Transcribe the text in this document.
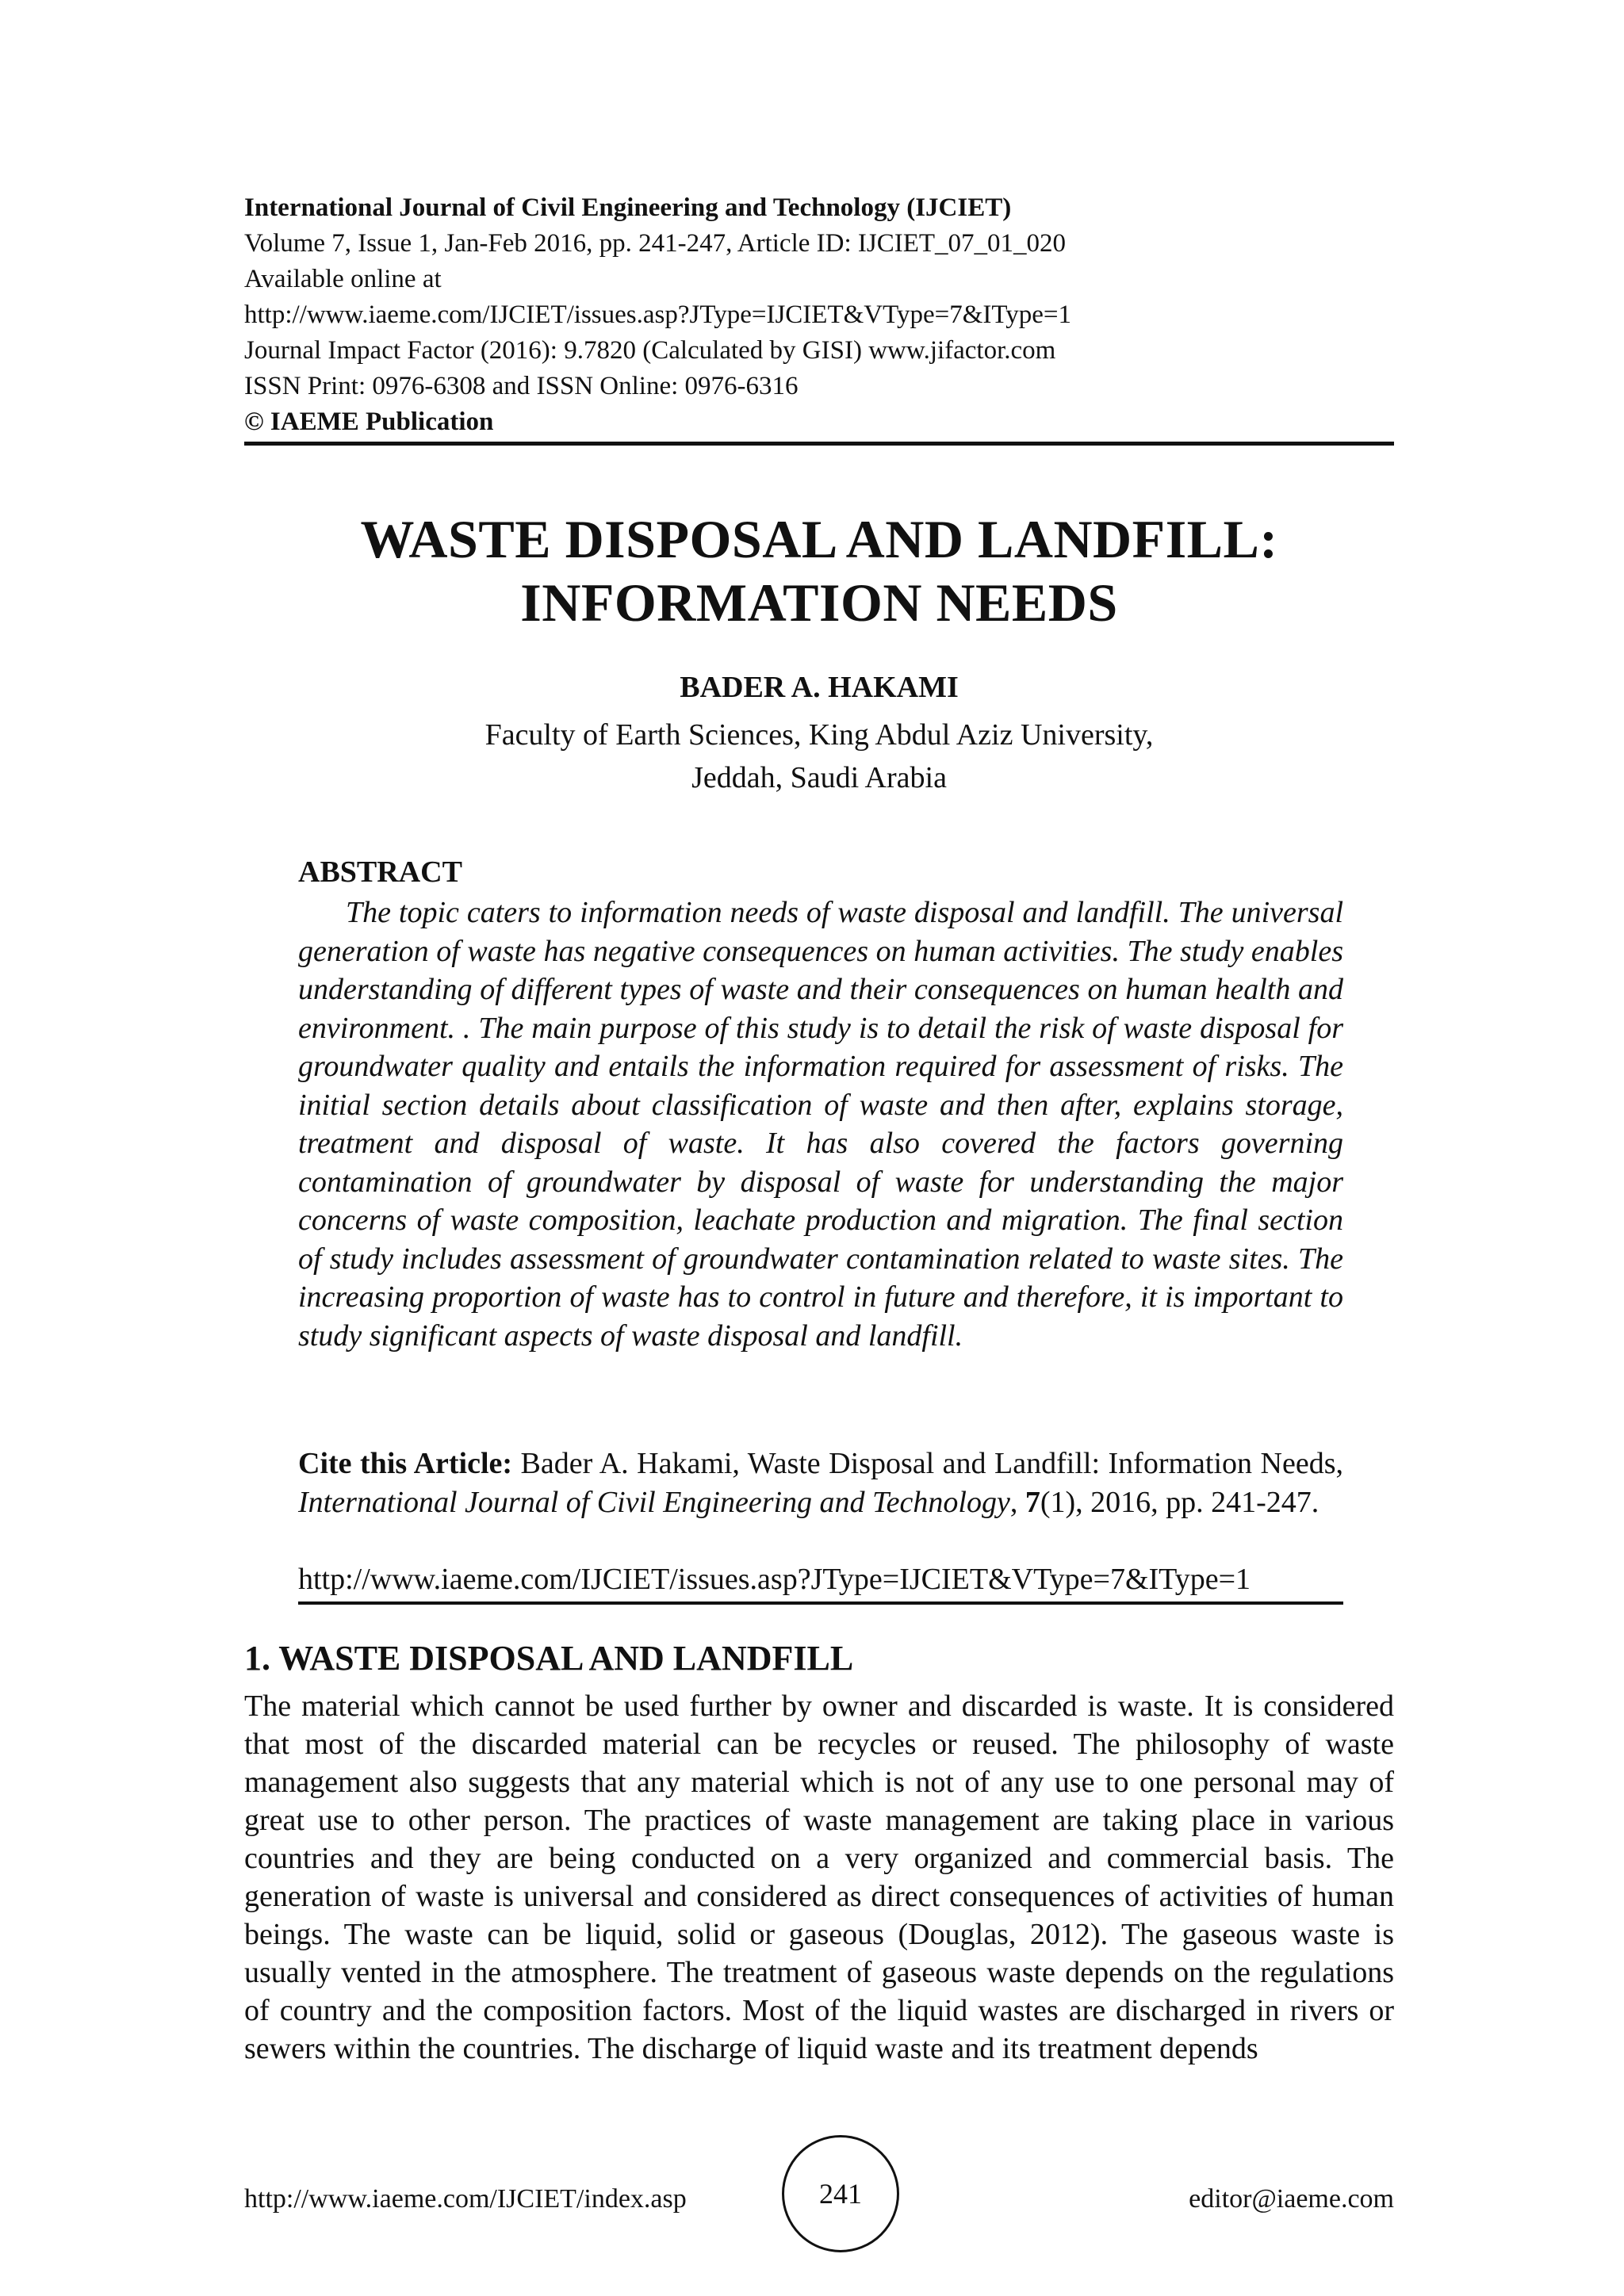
International Journal of Civil Engineering and Technology (IJCIET)
Volume 7, Issue 1, Jan-Feb 2016, pp. 241-247, Article ID: IJCIET_07_01_020
Available online at
http://www.iaeme.com/IJCIET/issues.asp?JType=IJCIET&VType=7&IType=1
Journal Impact Factor (2016): 9.7820 (Calculated by GISI) www.jifactor.com
ISSN Print: 0976-6308 and ISSN Online: 0976-6316
© IAEME Publication
WASTE DISPOSAL AND LANDFILL:
INFORMATION NEEDS
BADER A. HAKAMI
Faculty of Earth Sciences, King Abdul Aziz University,
Jeddah, Saudi Arabia
ABSTRACT

The topic caters to information needs of waste disposal and landfill. The universal generation of waste has negative consequences on human activities. The study enables understanding of different types of waste and their consequences on human health and environment. . The main purpose of this study is to detail the risk of waste disposal for groundwater quality and entails the information required for assessment of risks. The initial section details about classification of waste and then after, explains storage, treatment and disposal of waste. It has also covered the factors governing contamination of groundwater by disposal of waste for understanding the major concerns of waste composition, leachate production and migration. The final section of study includes assessment of groundwater contamination related to waste sites. The increasing proportion of waste has to control in future and therefore, it is important to study significant aspects of waste disposal and landfill.

Cite this Article: Bader A. Hakami, Waste Disposal and Landfill: Information Needs, International Journal of Civil Engineering and Technology, 7(1), 2016, pp. 241-247.

http://www.iaeme.com/IJCIET/issues.asp?JType=IJCIET&VType=7&IType=1
1. WASTE DISPOSAL AND LANDFILL

The material which cannot be used further by owner and discarded is waste. It is considered that most of the discarded material can be recycles or reused. The philosophy of waste management also suggests that any material which is not of any use to one personal may of great use to other person. The practices of waste management are taking place in various countries and they are being conducted on a very organized and commercial basis. The generation of waste is universal and considered as direct consequences of activities of human beings. The waste can be liquid, solid or gaseous (Douglas, 2012). The gaseous waste is usually vented in the atmosphere. The treatment of gaseous waste depends on the regulations of country and the composition factors. Most of the liquid wastes are discharged in rivers or sewers within the countries. The discharge of liquid waste and its treatment depends

http://www.iaeme.com/IJCIET/index.asp	241	editor@iaeme.com
